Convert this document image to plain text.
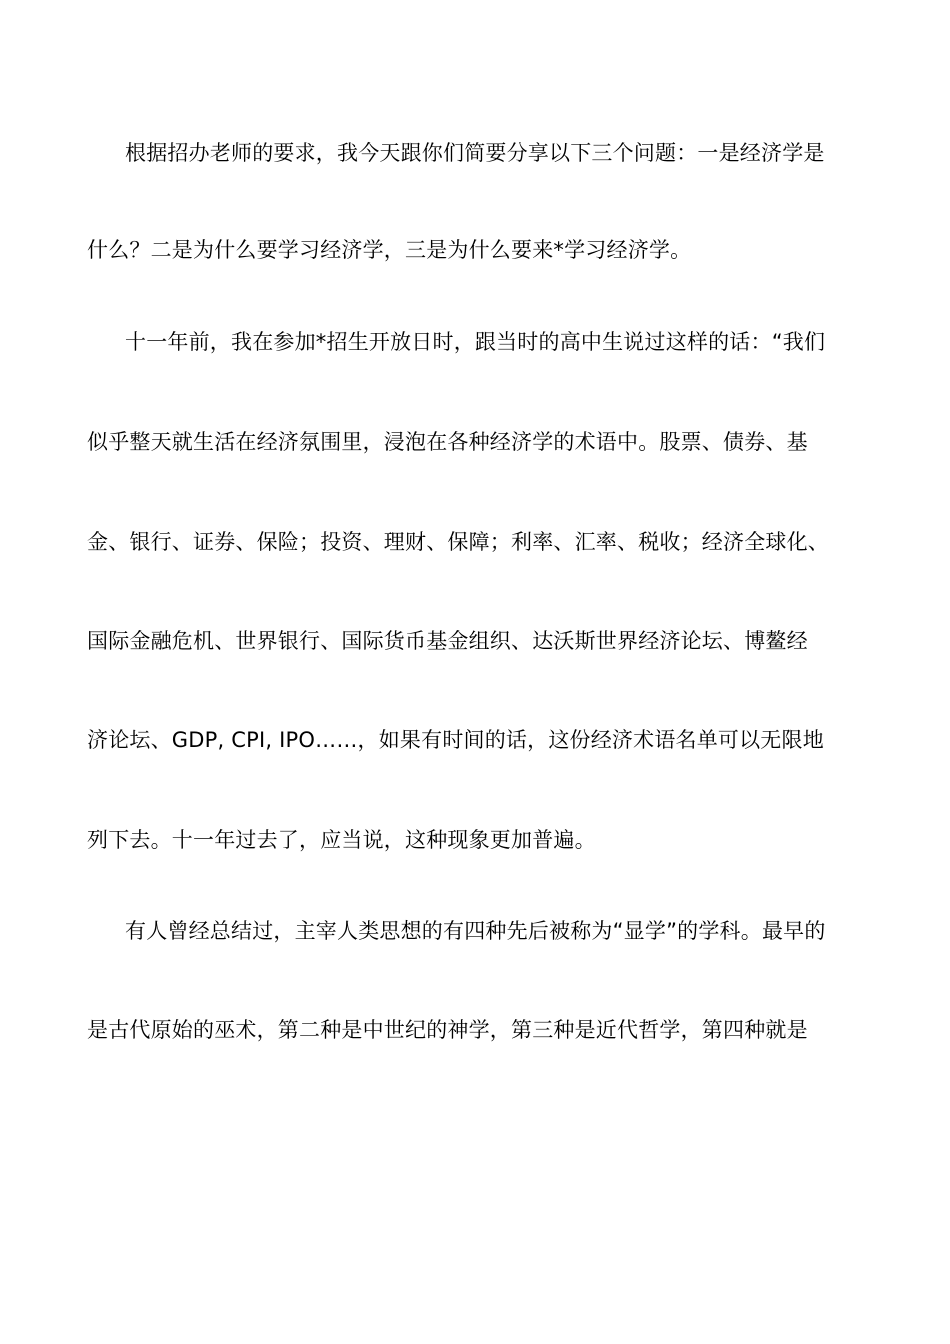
根据招办老师的要求，我今天跟你们简要分享以下三个问题：一是经济学是
什么？二是为什么要学习经济学，三是为什么要来*学习经济学。
十一年前，我在参加*招生开放日时，跟当时的高中生说过这样的话：“我们
似乎整天就生活在经济氛围里，浸泡在各种经济学的术语中。股票、债券、基
金、银行、证券、保险；投资、理财、保障；利率、汇率、税收；经济全球化、
国际金融危机、世界银行、国际货币基金组织、达沃斯世界经济论坛、博鳌经
济论坛、GDP, CPI, IPO……，如果有时间的话，这份经济术语名单可以无限地
列下去。十一年过去了，应当说，这种现象更加普遍。
有人曾经总结过，主宰人类思想的有四种先后被称为“显学”的学科。最早的
是古代原始的巫术，第二种是中世纪的神学，第三种是近代哲学，第四种就是
